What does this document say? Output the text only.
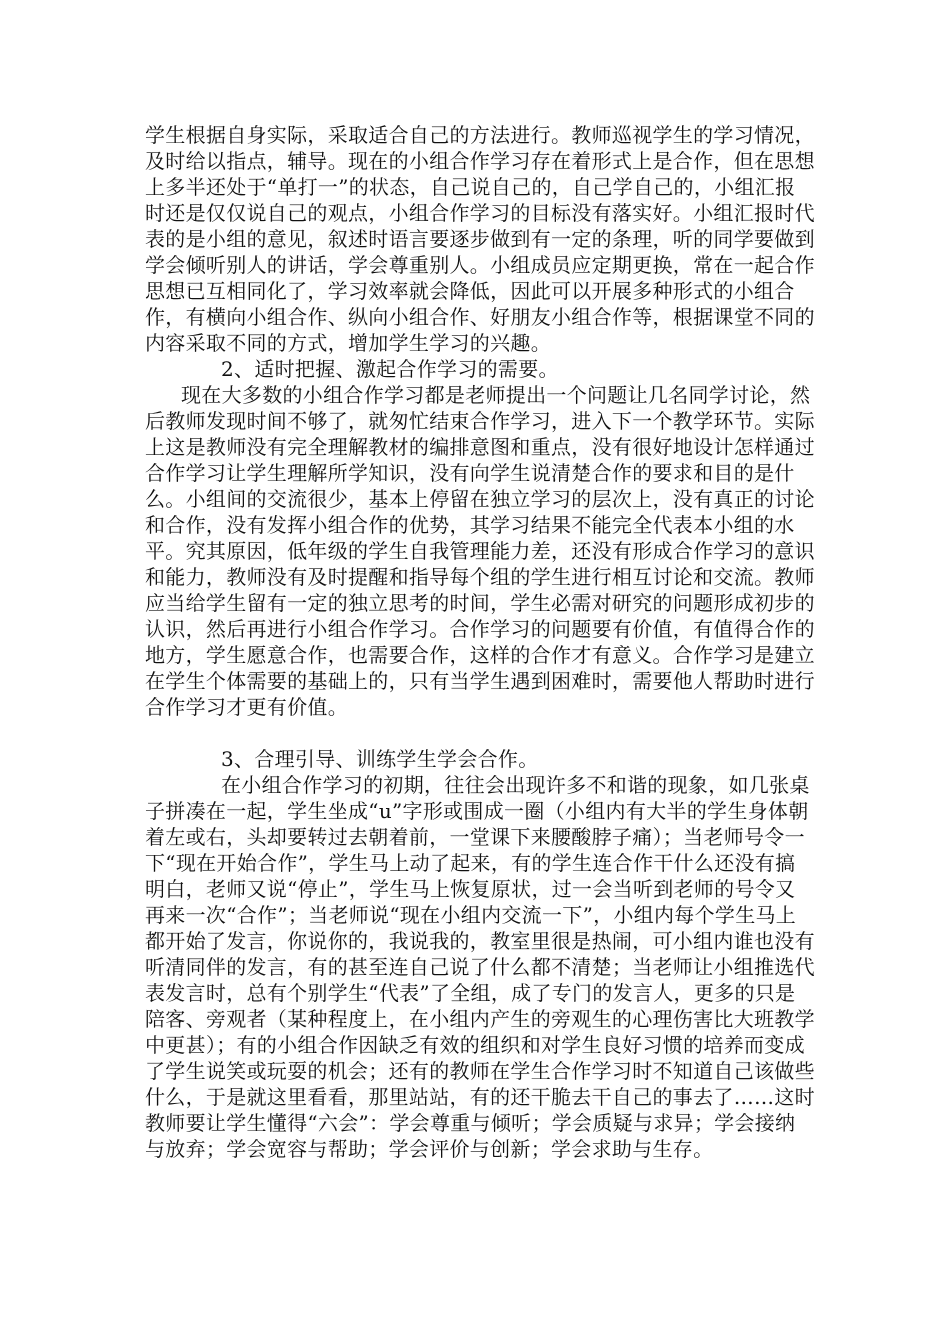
学生根据自身实际，采取适合自己的方法进行。教师巡视学生的学习情况，及时给以指点，辅导。现在的小组合作学习存在着形式上是合作，但在思想上多半还处于“单打一”的状态，自己说自己的，自己学自己的，小组汇报时还是仅仅说自己的观点，小组合作学习的目标没有落实好。小组汇报时代表的是小组的意见，叙述时语言要逐步做到有一定的条理，听的同学要做到学会倾听别人的讲话，学会尊重别人。小组成员应定期更换，常在一起合作思想已互相同化了，学习效率就会降低，因此可以开展多种形式的小组合作，有横向小组合作、纵向小组合作、好朋友小组合作等，根据课堂不同的内容采取不同的方式，增加学生学习的兴趣。

2、适时把握、激起合作学习的需要。

现在大多数的小组合作学习都是老师提出一个问题让几名同学讨论，然后教师发现时间不够了，就匆忙结束合作学习，进入下一个教学环节。实际上这是教师没有完全理解教材的编排意图和重点，没有很好地设计怎样通过合作学习让学生理解所学知识，没有向学生说清楚合作的要求和目的是什么。小组间的交流很少，基本上停留在独立学习的层次上，没有真正的讨论和合作，没有发挥小组合作的优势，其学习结果不能完全代表本小组的水平。究其原因，低年级的学生自我管理能力差，还没有形成合作学习的意识和能力，教师没有及时提醒和指导每个组的学生进行相互讨论和交流。教师应当给学生留有一定的独立思考的时间，学生必需对研究的问题形成初步的认识，然后再进行小组合作学习。合作学习的问题要有价值，有值得合作的地方，学生愿意合作，也需要合作，这样的合作才有意义。合作学习是建立在学生个体需要的基础上的，只有当学生遇到困难时，需要他人帮助时进行合作学习才更有价值。

3、合理引导、训练学生学会合作。

在小组合作学习的初期，往往会出现许多不和谐的现象，如几张桌子拼凑在一起，学生坐成“u”字形或围成一圈（小组内有大半的学生身体朝着左或右，头却要转过去朝着前，一堂课下来腰酸脖子痛）；当老师号令一下“现在开始合作”，学生马上动了起来，有的学生连合作干什么还没有搞明白，老师又说“停止”，学生马上恢复原状，过一会当听到老师的号令又再来一次“合作”；当老师说“现在小组内交流一下”，小组内每个学生马上都开始了发言，你说你的，我说我的，教室里很是热闹，可小组内谁也没有听清同伴的发言，有的甚至连自己说了什么都不清楚；当老师让小组推选代表发言时，总有个别学生“代表”了全组，成了专门的发言人，更多的只是陪客、旁观者（某种程度上，在小组内产生的旁观生的心理伤害比大班教学中更甚）；有的小组合作因缺乏有效的组织和对学生良好习惯的培养而变成了学生说笑或玩耍的机会；还有的教师在学生合作学习时不知道自己该做些什么，于是就这里看看，那里站站，有的还干脆去干自己的事去了……这时教师要让学生懂得“六会”：学会尊重与倾听；学会质疑与求异；学会接纳与放弃；学会宽容与帮助；学会评价与创新；学会求助与生存。
